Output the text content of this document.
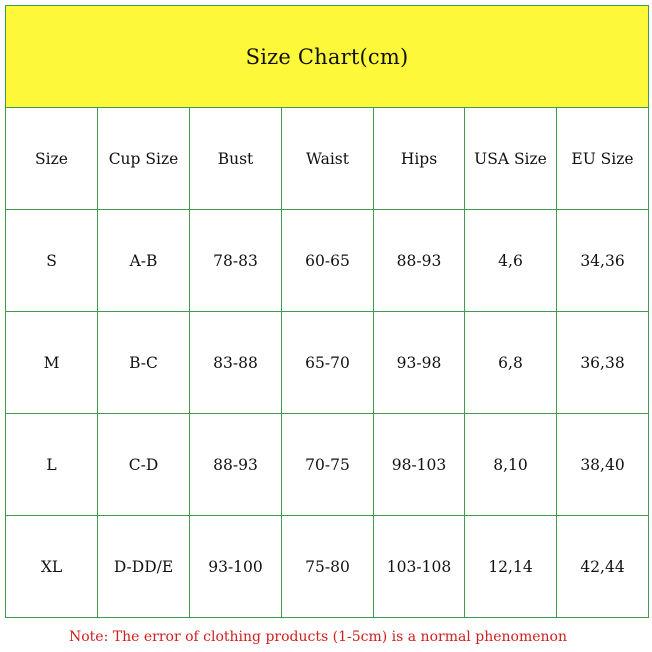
Size Chart(cm)						
Size	Cup Size	Bust	Waist	Hips	USA Size	EU Size
S	A-B	78-83	60-65	88-93	4,6	34,36
M	B-C	83-88	65-70	93-98	6,8	36,38
L	C-D	88-93	70-75	98-103	8,10	38,40
XL	D-DD/E	93-100	75-80	103-108	12,14	42,44
Note: The error of clothing products (1-5cm) is a normal phenomenon
